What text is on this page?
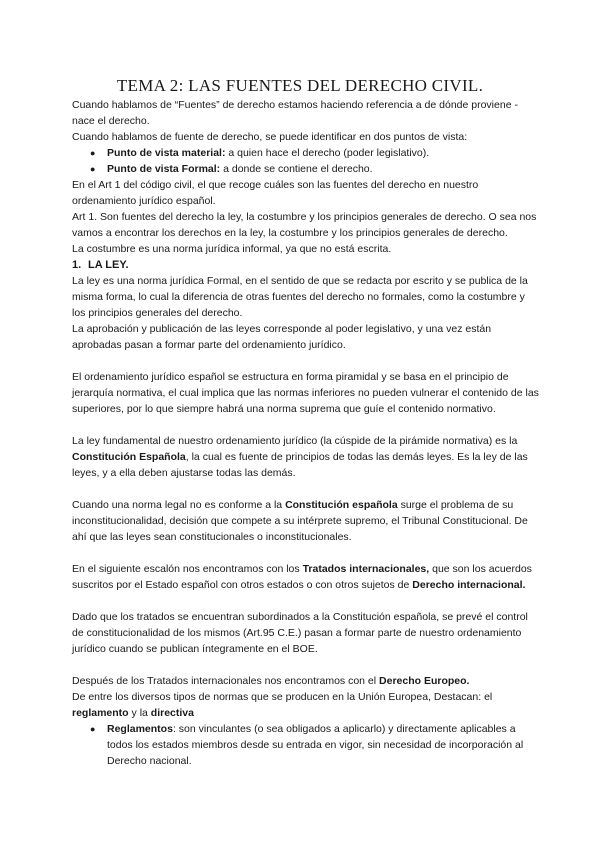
TEMA 2: LAS FUENTES DEL DERECHO CIVIL.

Cuando hablamos de “Fuentes” de derecho estamos haciendo referencia a de dónde proviene - nace el derecho.

Cuando hablamos de fuente de derecho, se puede identificar en dos puntos de vista:

● Punto de vista material: a quien hace el derecho (poder legislativo).
● Punto de vista Formal: a donde se contiene el derecho.

En el Art 1 del código civil, el que recoge cuáles son las fuentes del derecho en nuestro ordenamiento jurídico español.

Art 1. Son fuentes del derecho la ley, la costumbre y los principios generales de derecho. O sea nos vamos a encontrar los derechos en la ley, la costumbre y los principios generales de derecho.

La costumbre es una norma jurídica informal, ya que no está escrita.

1. LA LEY.

La ley es una norma jurídica Formal, en el sentido de que se redacta por escrito y se publica de la misma forma, lo cual la diferencia de otras fuentes del derecho no formales, como la costumbre y los principios generales del derecho.

La aprobación y publicación de las leyes corresponde al poder legislativo, y una vez están aprobadas pasan a formar parte del ordenamiento jurídico.

El ordenamiento jurídico español se estructura en forma piramidal y se basa en el principio de jerarquía normativa, el cual implica que las normas inferiores no pueden vulnerar el contenido de las superiores, por lo que siempre habrá una norma suprema que guíe el contenido normativo.

La ley fundamental de nuestro ordenamiento jurídico (la cúspide de la pirámide normativa) es la Constitución Española, la cual es fuente de principios de todas las demás leyes. Es la ley de las leyes, y a ella deben ajustarse todas las demás.

Cuando una norma legal no es conforme a la Constitución española surge el problema de su inconstitucionalidad, decisión que compete a su intérprete supremo, el Tribunal Constitucional. De ahí que las leyes sean constitucionales o inconstitucionales.

En el siguiente escalón nos encontramos con los Tratados internacionales, que son los acuerdos suscritos por el Estado español con otros estados o con otros sujetos de Derecho internacional.

Dado que los tratados se encuentran subordinados a la Constitución española, se prevé el control de constitucionalidad de los mismos (Art.95 C.E.) pasan a formar parte de nuestro ordenamiento jurídico cuando se publican íntegramente en el BOE.

Después de los Tratados internacionales nos encontramos con el Derecho Europeo.

De entre los diversos tipos de normas que se producen en la Unión Europea, Destacan: el reglamento y la directiva

● Reglamentos: son vinculantes (o sea obligados a aplicarlo) y directamente aplicables a todos los estados miembros desde su entrada en vigor, sin necesidad de incorporación al Derecho nacional.
